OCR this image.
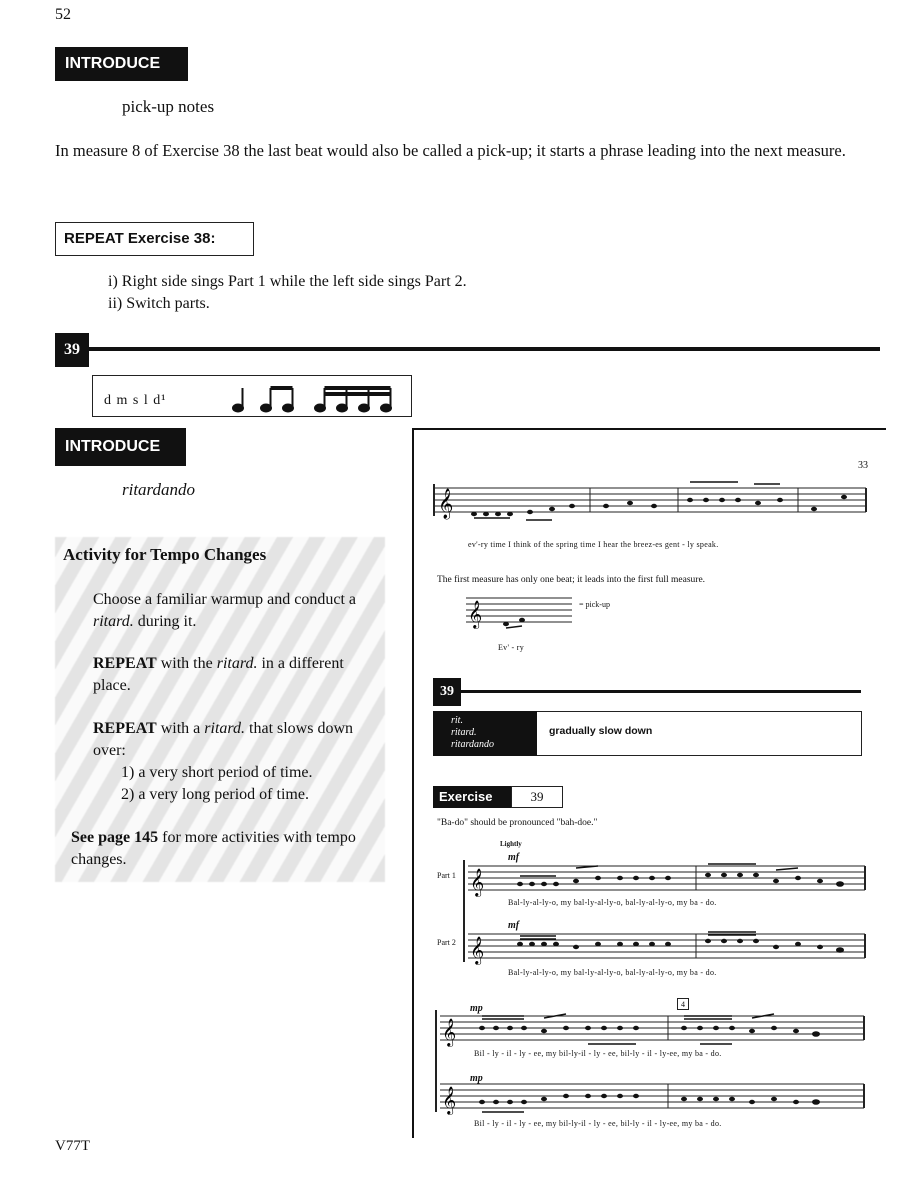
52
INTRODUCE
pick-up notes
In measure 8 of Exercise 38 the last beat would also be called a pick-up; it starts a phrase leading into the next measure.
REPEAT Exercise 38:
i) Right side sings Part 1 while the left side sings Part 2.
ii) Switch parts.
39
d m s l d¹
INTRODUCE
ritardando
Activity for Tempo Changes
Choose a familiar warmup and conduct a ritard. during it.
REPEAT with the ritard. in a different place.
REPEAT with a ritard. that slows down over:
1) a very short period of time.
2) a very long period of time.
See page 145 for more activities with tempo changes.
33
𝄞
ev'-ry time I think of the spring time I hear the breez-es gent - ly speak.
The first measure has only one beat; it leads into the first full measure.
𝄞	= pick-up
Ev' - ry
39
rit.
ritard.
ritardando
gradually slow down
Exercise	39
"Ba-do" should be pronounced "bah-doe."
Lightly
Part 1
Part 2
mf
mf
𝄞
𝄞
Bal-ly-al-ly-o, my bal-ly-al-ly-o, bal-ly-al-ly-o, my ba - do.
Bal-ly-al-ly-o, my bal-ly-al-ly-o, bal-ly-al-ly-o, my ba - do.
4
mp
mp
𝄞
𝄞
Bil - ly - il - ly - ee, my bil-ly-il - ly - ee, bil-ly - il - ly-ee, my ba - do.
Bil - ly - il - ly - ee, my bil-ly-il - ly - ee, bil-ly - il - ly-ee, my ba - do.
V77T
